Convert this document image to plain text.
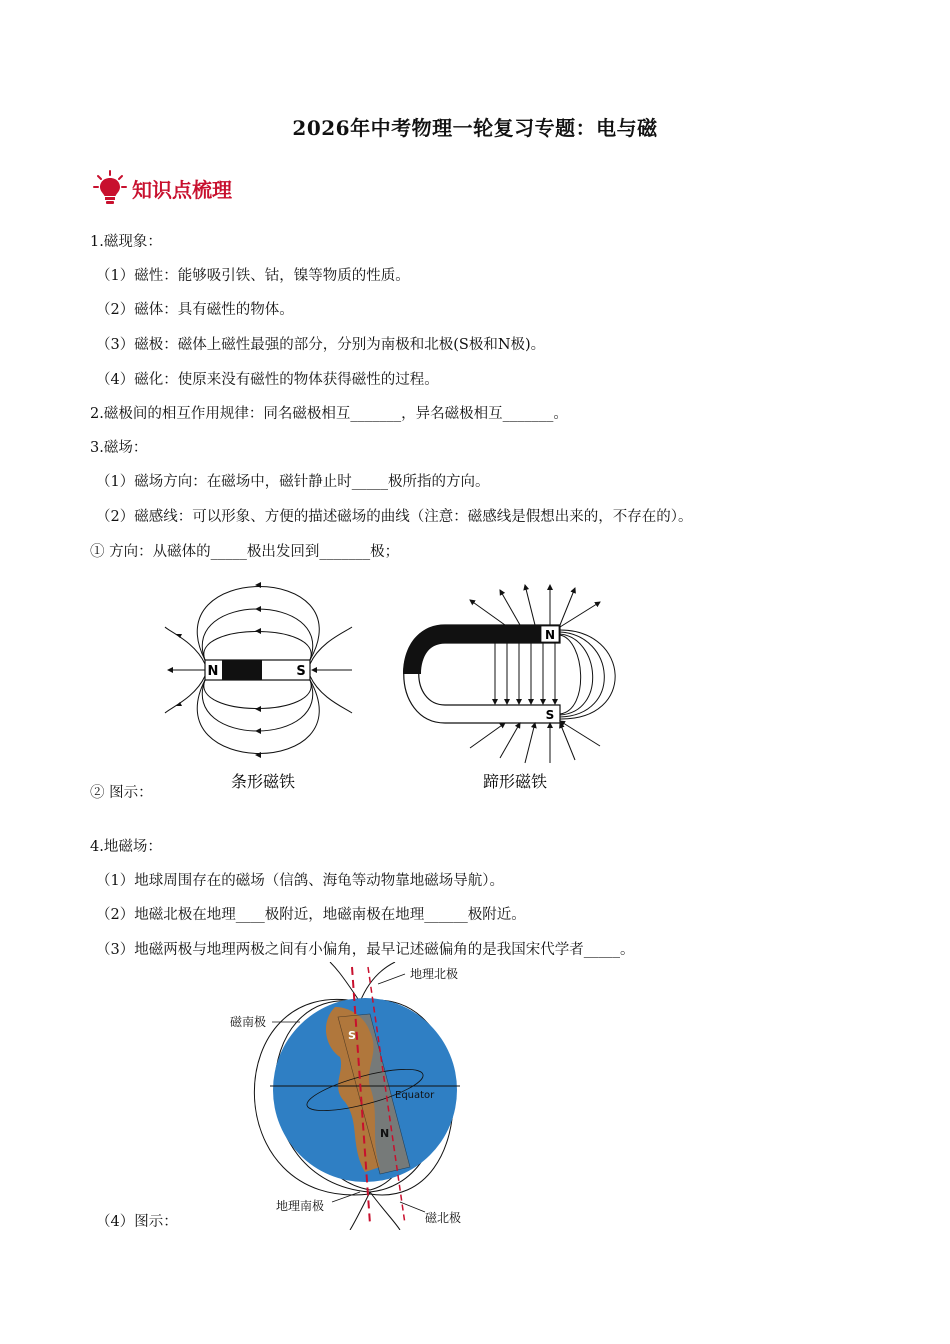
2026年中考物理一轮复习专题：电与磁
知识点梳理
1.磁现象：
（1）磁性：能够吸引铁、钴，镍等物质的性质。
（2）磁体：具有磁性的物体。
（3）磁极：磁体上磁性最强的部分，分别为南极和北极(S极和N极)。
（4）磁化：使原来没有磁性的物体获得磁性的过程。
2.磁极间的相互作用规律：同名磁极相互_______，异名磁极相互_______。
3.磁场：
（1）磁场方向：在磁场中，磁针静止时_____极所指的方向。
（2）磁感线：可以形象、方便的描述磁场的曲线（注意：磁感线是假想出来的，不存在的）。
① 方向：从磁体的_____极出发回到_______极；
N	S
条形磁铁
N
S
蹄形磁铁
② 图示：
4.地磁场：
（1）地球周围存在的磁场（信鸽、海龟等动物靠地磁场导航）。
（2）地磁北极在地理____极附近，地磁南极在地理______极附近。
（3）地磁两极与地理两极之间有小偏角，最早记述磁偏角的是我国宋代学者_____。
S
N
Equator
地理北极
磁南极
地理南极
磁北极
（4）图示：
